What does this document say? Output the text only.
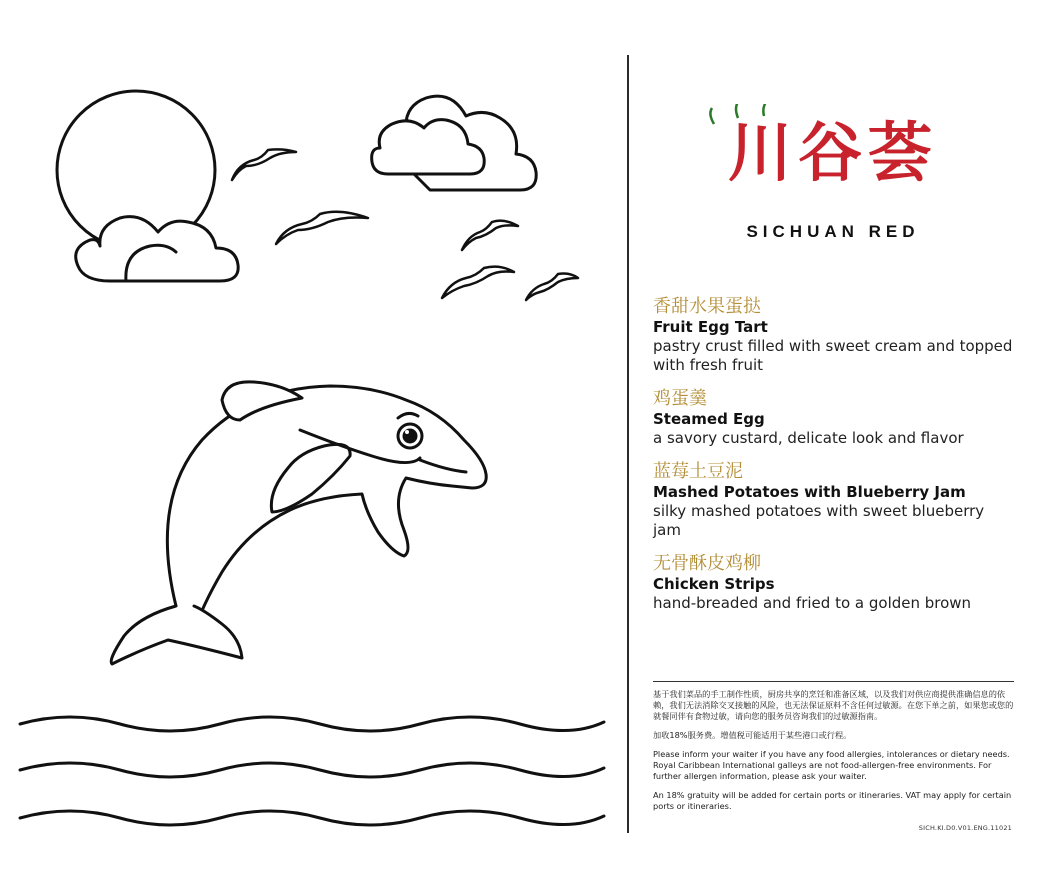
川谷荟
SICHUAN RED
香甜水果蛋挞
Fruit Egg Tart
pastry crust filled with sweet cream and topped with fresh fruit
鸡蛋羹
Steamed Egg
a savory custard, delicate look and flavor
蓝莓土豆泥
Mashed Potatoes with Blueberry Jam
silky mashed potatoes with sweet blueberry jam
无骨酥皮鸡柳
Chicken Strips
hand-breaded and fried to a golden brown

基于我们菜品的手工制作性质，厨房共享的烹饪和准备区域，以及我们对供应商提供准确信息的依赖，我们无法消除交叉接触的风险，也无法保证原料不含任何过敏源。在您下单之前，如果您或您的就餐同伴有食物过敏，请向您的服务员咨询我们的过敏源指南。

加收18%服务费。增值税可能适用于某些港口或行程。

Please inform your waiter if you have any food allergies, intolerances or dietary needs. Royal Caribbean International galleys are not food-allergen-free environments. For further allergen information, please ask your waiter.

An 18% gratuity will be added for certain ports or itineraries. VAT may apply for certain ports or itineraries.

SICH.KI.D0.V01.ENG.11021
